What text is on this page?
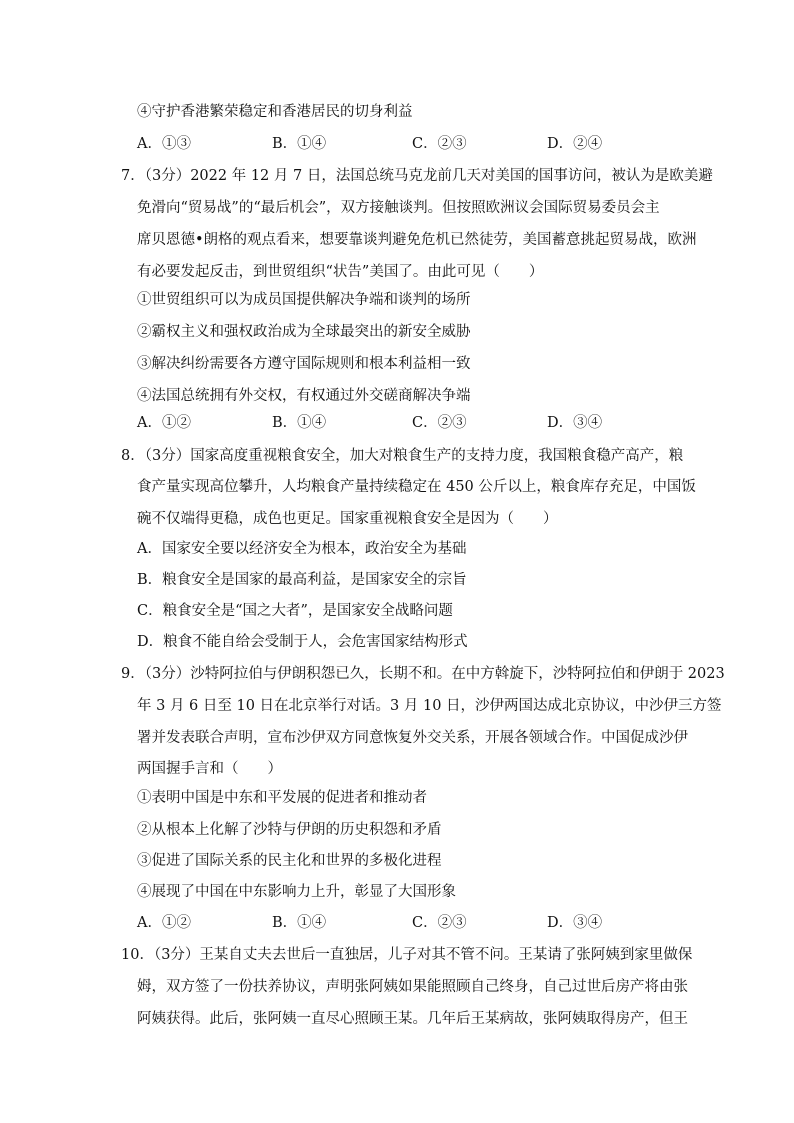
④守护香港繁荣稳定和香港居民的切身利益
A．①③	B．①④	C．②③	D．②④
7．（3分）2022 年 12 月 7 日，法国总统马克龙前几天对美国的国事访问，被认为是欧美避
免滑向“贸易战”的“最后机会”，双方接触谈判。但按照欧洲议会国际贸易委员会主
席贝恩德•朗格的观点看来，想要靠谈判避免危机已然徒劳，美国蓄意挑起贸易战，欧洲
有必要发起反击，到世贸组织“状告”美国了。由此可见（　　）
①世贸组织可以为成员国提供解决争端和谈判的场所
②霸权主义和强权政治成为全球最突出的新安全威胁
③解决纠纷需要各方遵守国际规则和根本利益相一致
④法国总统拥有外交权，有权通过外交磋商解决争端
A．①②	B．①④	C．②③	D．③④
8．（3分）国家高度重视粮食安全，加大对粮食生产的支持力度，我国粮食稳产高产，粮
食产量实现高位攀升，人均粮食产量持续稳定在 450 公斤以上，粮食库存充足，中国饭
碗不仅端得更稳，成色也更足。国家重视粮食安全是因为（　　）
A．国家安全要以经济安全为根本，政治安全为基础
B．粮食安全是国家的最高利益，是国家安全的宗旨
C．粮食安全是“国之大者”，是国家安全战略问题
D．粮食不能自给会受制于人，会危害国家结构形式
9．（3分）沙特阿拉伯与伊朗积怨已久，长期不和。在中方斡旋下，沙特阿拉伯和伊朗于 2023
年 3 月 6 日至 10 日在北京举行对话。3 月 10 日，沙伊两国达成北京协议，中沙伊三方签
署并发表联合声明，宣布沙伊双方同意恢复外交关系，开展各领域合作。中国促成沙伊
两国握手言和（　　）
①表明中国是中东和平发展的促进者和推动者
②从根本上化解了沙特与伊朗的历史积怨和矛盾
③促进了国际关系的民主化和世界的多极化进程
④展现了中国在中东影响力上升，彰显了大国形象
A．①②	B．①④	C．②③	D．③④
10．（3分）王某自丈夫去世后一直独居，儿子对其不管不问。王某请了张阿姨到家里做保
姆，双方签了一份扶养协议，声明张阿姨如果能照顾自己终身，自己过世后房产将由张
阿姨获得。此后，张阿姨一直尽心照顾王某。几年后王某病故，张阿姨取得房产，但王
